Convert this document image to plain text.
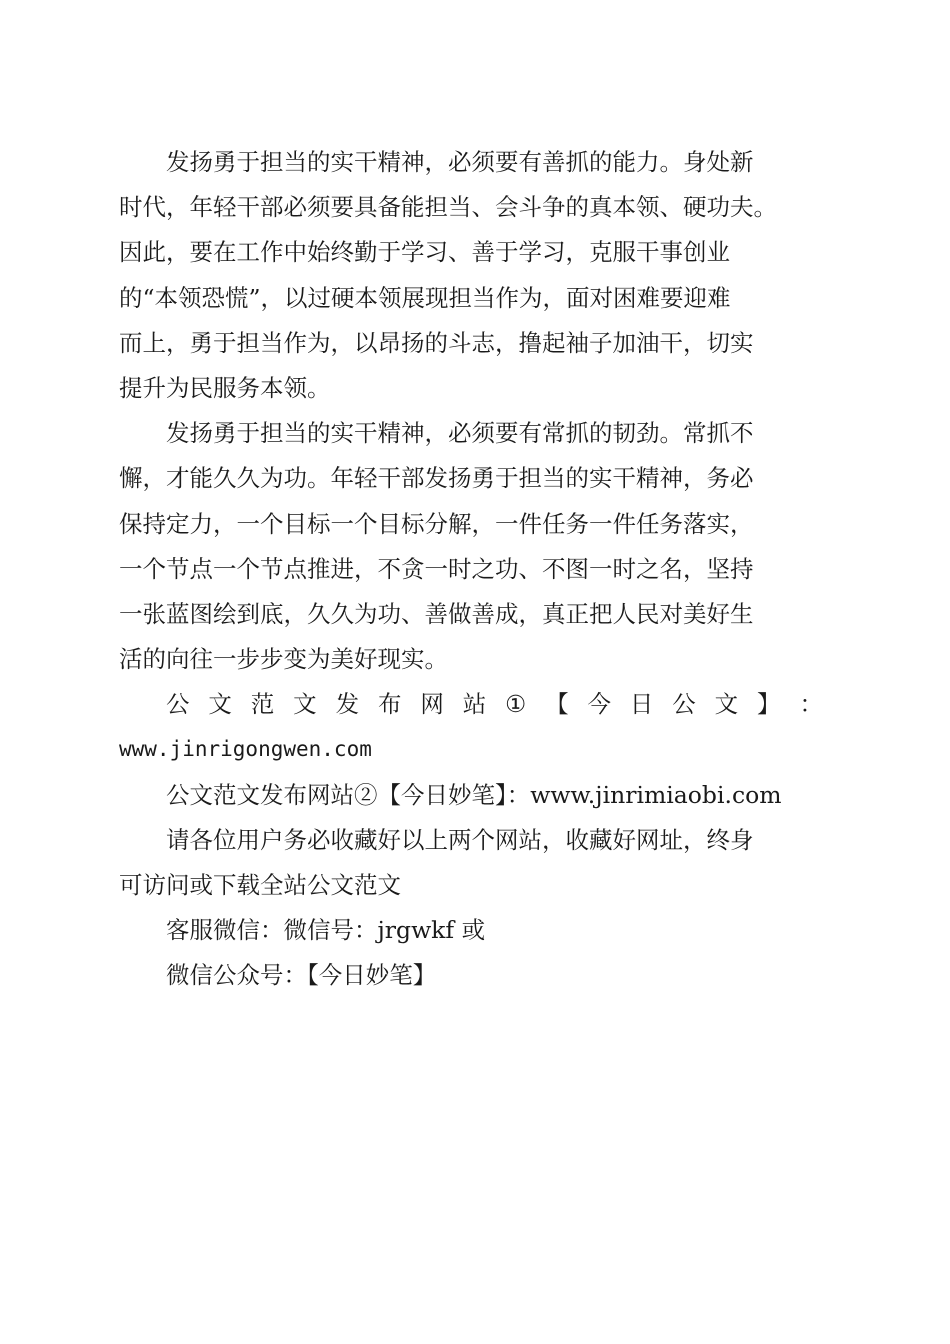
发扬勇于担当的实干精神，必须要有善抓的能力。身处新
时代，年轻干部必须要具备能担当、会斗争的真本领、硬功夫。
因此，要在工作中始终勤于学习、善于学习，克服干事创业
的“本领恐慌”，以过硬本领展现担当作为，面对困难要迎难
而上，勇于担当作为，以昂扬的斗志，撸起袖子加油干，切实
提升为民服务本领。
发扬勇于担当的实干精神，必须要有常抓的韧劲。常抓不
懈，才能久久为功。年轻干部发扬勇于担当的实干精神，务必
保持定力，一个目标一个目标分解，一件任务一件任务落实，
一个节点一个节点推进，不贪一时之功、不图一时之名，坚持
一张蓝图绘到底，久久为功、善做善成，真正把人民对美好生
活的向往一步步变为美好现实。
公 文 范 文 发 布 网 站 ① 【 今 日 公 文 】 ：
www.jinrigongwen.com
公文范文发布网站②【今日妙笔】：www.jinrimiaobi.com
请各位用户务必收藏好以上两个网站，收藏好网址，终身
可访问或下载全站公文范文
客服微信：微信号：jrgwkf 或
微信公众号：【今日妙笔】
